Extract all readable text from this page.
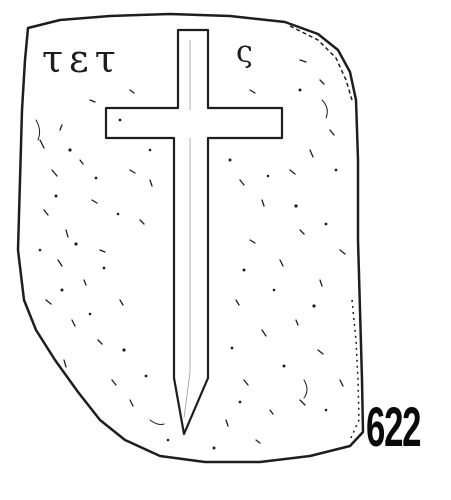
τετ	ς

622
